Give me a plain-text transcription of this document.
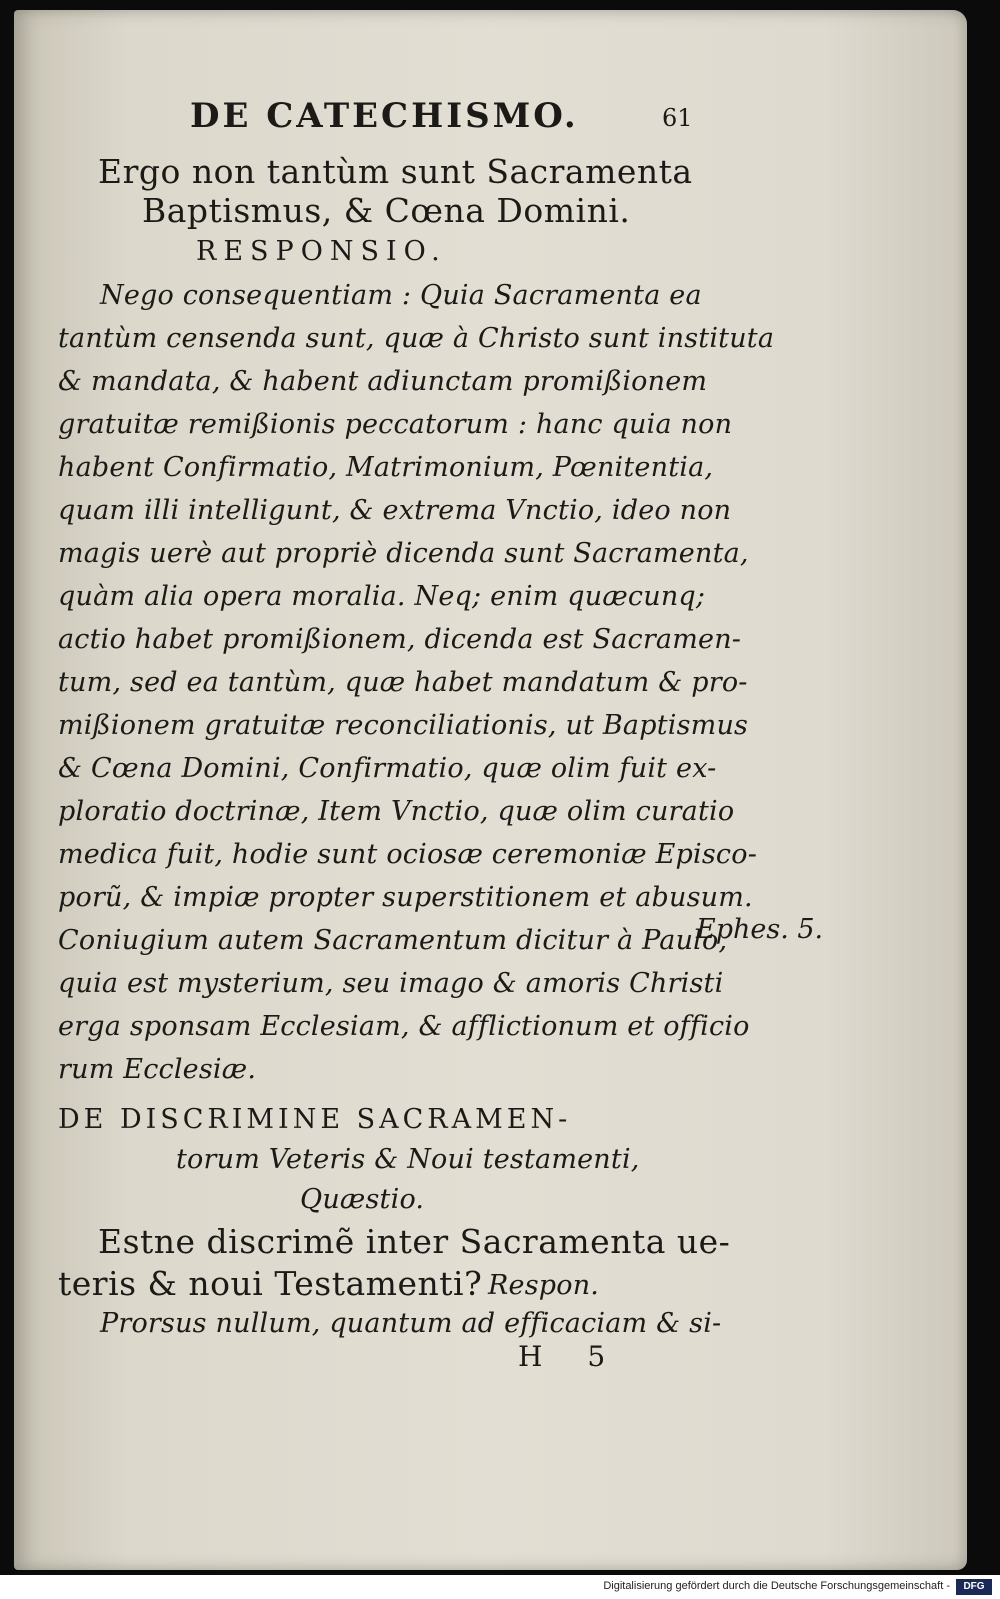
DE CATECHISMO.	61
Ergo non tantùm sunt Sacramenta
Baptismus, & Cœna Domini.
RESPONSIO.
Nego consequentiam : Quia Sacramenta ea
tantùm censenda sunt, quæ à Christo sunt instituta
& mandata, & habent adiunctam promißionem
gratuitæ remißionis peccatorum : hanc quia non
habent Confirmatio, Matrimonium, Pœnitentia,
quam illi intelligunt, & extrema Vnctio, ideo non
magis uerè aut propriè dicenda sunt Sacramenta,
quàm alia opera moralia. Neq; enim quæcunq;
actio habet promißionem, dicenda est Sacramen-
tum, sed ea tantùm, quæ habet mandatum & pro-
mißionem gratuitæ reconciliationis, ut Baptismus
& Cœna Domini, Confirmatio, quæ olim fuit ex-
ploratio doctrinæ, Item Vnctio, quæ olim curatio
medica fuit, hodie sunt ociosæ ceremoniæ Episco-
porũ, & impiæ propter superstitionem et abusum.
Coniugium autem Sacramentum dicitur à Paulo,
quia est mysterium, seu imago & amoris Christi
erga sponsam Ecclesiam, & afflictionum et officio
rum Ecclesiæ.
Ephes. 5.
DE DISCRIMINE SACRAMEN-
torum Veteris & Noui testamenti,
Quæstio.
Estne discrimẽ inter Sacramenta ue-
teris & noui Testamenti? Respon.
Prorsus nullum, quantum ad efficaciam & si-
H 5
Digitalisierung gefördert durch die Deutsche Forschungsgemeinschaft -	DFG
